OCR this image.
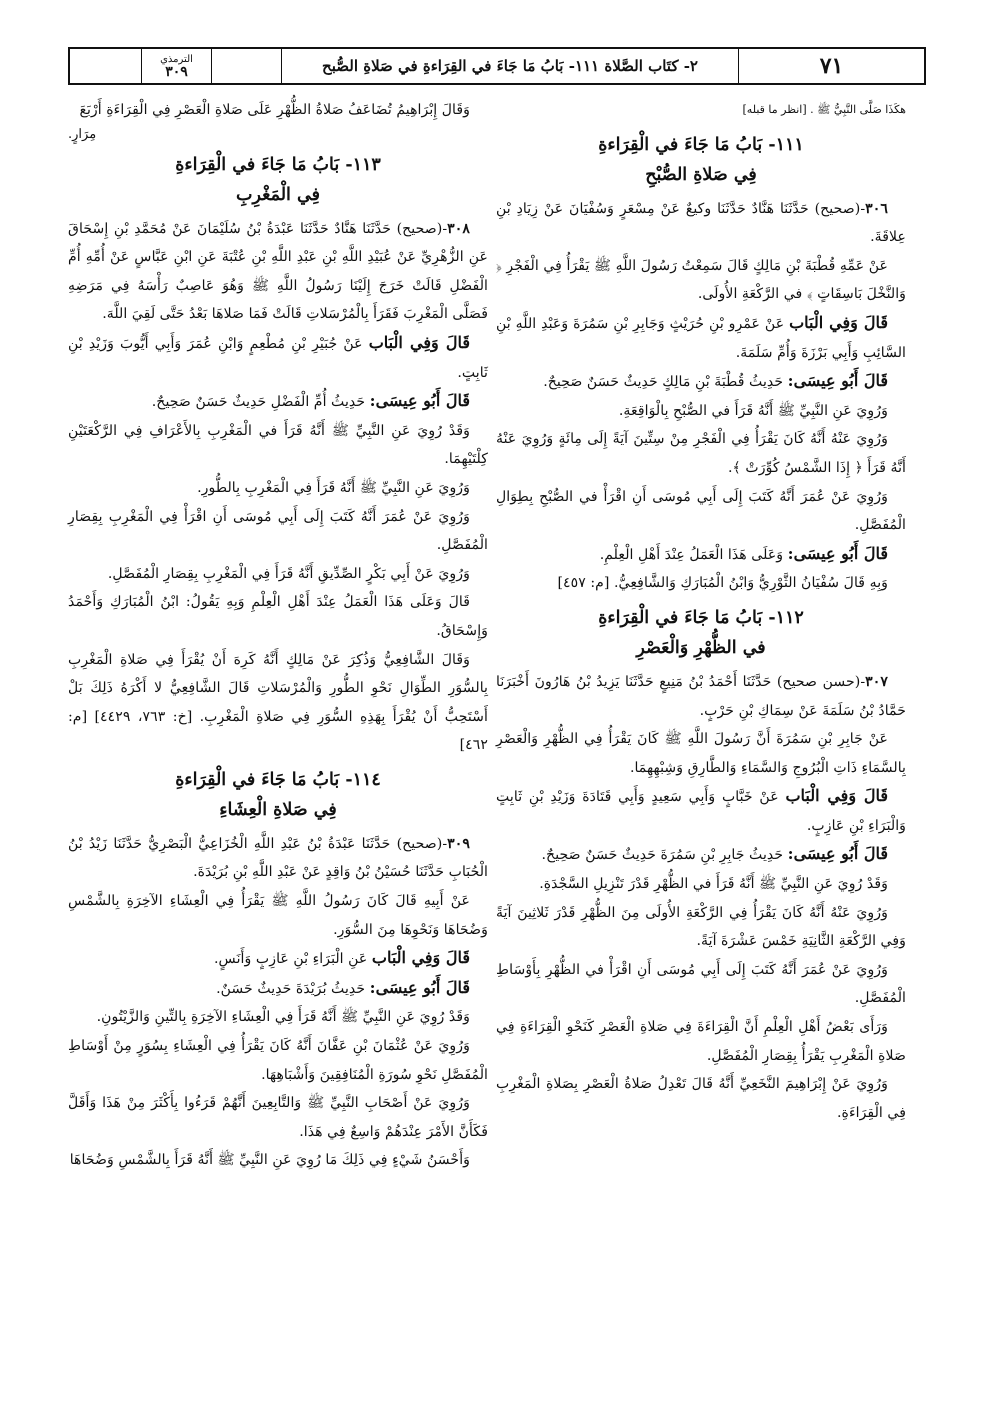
٧١
٢- كتَاب الصَّلاة ١١١- بَابُ مَا جَاءَ في القِرَاءةِ في صَلاةِ الصُّبح
الترمذي
٣٠٩

هكَذَا صَلَّى النَّبِيُّ ﷺ . [انظر ما قبله]

١١١- بَابُ مَا جَاءَ في الْقِرَاءةِ
فِي صَلاةِ الصُّبْحِ

٣٠٦-(صحيح) حَدَّثَنَا هَنَّادٌ حَدَّثَنَا وكيعٌ عَنْ مِسْعَرٍ وَسُفْيَانَ عَنْ زِيَادِ بْنِ عِلاقَةَ.

عَنْ عَمِّهِ قُطْبَةَ بْنِ مَالِكٍ قَالَ سَمِعْتُ رَسُولَ اللَّهِ ﷺ يَقْرَأُ فِي الْفَجْرِ ﴿ وَالنَّخْلَ بَاسِقَاتٍ ﴾ في الرَّكْعَةِ الأُولَى.

قَالَ وَفِي الْبَاب عَنْ عَمْرِو بْنِ حُرَيْثٍ وَجَابِرِ بْنِ سَمُرَةَ وَعَبْدِ اللَّهِ بْنِ السَّائِبِ وَأَبِي بَرْزَةَ وَأُمِّ سَلَمَةَ.

قَالَ أَبُو عِيسَى: حَدِيثُ قُطْبَةَ بْنِ مَالِكٍ حَدِيثٌ حَسَنٌ صَحِيحٌ.

وَرُوِيَ عَنِ النَّبِيِّ ﷺ أَنَّهُ قَرَأَ في الصُّبْحِ بِالْوَاقِعَةِ.

وَرُوِيَ عَنْهُ أَنَّهُ كَانَ يَقْرَأُ فِي الْفَجْرِ مِنْ سِتِّينَ آيَةً إِلَى مِائَةٍ وَرُوِيَ عَنْهُ أَنَّهُ قَرَأَ ﴿ إِذَا الشَّمْسُ كُوِّرَتْ ﴾.

وَرُوِيَ عَنْ عُمَرَ أَنَّهُ كَتَبَ إِلَى أَبِي مُوسَى أَنِ اقْرَأْ في الصُّبْحِ بِطِوَالِ الْمُفَصَّلِ.

قَالَ أَبُو عِيسَى: وَعَلَى هَذَا الْعَمَلُ عِنْدَ أَهْلِ الْعِلْمِ.

وَبِهِ قَالَ سُفْيَانُ الثَّوْرِيُّ وَابْنُ الْمُبَارَكِ وَالشَّافِعِيُّ. [م: ٤٥٧]

١١٢- بَابُ مَا جَاءَ في الْقِرَاءةِ
في الظُّهْرِ وَالْعَصْرِ

٣٠٧-(حسن صحيح) حَدَّثَنَا أَحْمَدُ بْنُ مَنِيعٍ حَدَّثَنَا يَزِيدُ بْنُ هَارُونَ أَخْبَرَنَا حَمَّادُ بْنُ سَلَمَةَ عَنْ سِمَاكِ بْنِ حَرْبٍ.

عَنْ جَابِرِ بْنِ سَمُرَةَ أَنَّ رَسُولَ اللَّهِ ﷺ كَانَ يَقْرَأُ فِي الظُّهْرِ وَالْعَصْرِ بِالسَّمَاءِ ذَاتِ الْبُرُوجِ وَالسَّمَاءِ وَالطَّارِقِ وَشِبْهِهِمَا.

قَالَ وَفِي الْبَاب عَنْ خَبَّابٍ وَأَبِي سَعِيدٍ وَأَبِي قَتَادَةَ وَزَيْدِ بْنِ ثَابِتٍ وَالْبَرَاءِ بْنِ عَازِبٍ.

قَالَ أَبُو عِيسَى: حَدِيثُ جَابِرِ بْنِ سَمُرَةَ حَدِيثٌ حَسَنٌ صَحِيحٌ.

وَقَدْ رُوِيَ عَنِ النَّبِيِّ ﷺ أَنَّهُ قَرَأَ في الظُّهْرِ قَدْرَ تَنْزِيلِ السَّجْدَةِ.

وَرُوِيَ عَنْهُ أَنَّهُ كَانَ يَقْرَأُ فِي الرَّكْعَةِ الأُولَى مِنَ الظُّهْرِ قَدْرَ ثَلاثِينَ آيَةً وَفِي الرَّكْعَةِ الثَّانِيَةِ خَمْسَ عَشْرَةَ آيَةً.

وَرُوِيَ عَنْ عُمَرَ أَنَّهُ كَتَبَ إِلَى أَبِي مُوسَى أَنِ اقْرَأْ في الظُّهْرِ بِأَوْسَاطِ الْمُفَصَّلِ.

وَرَأَى بَعْضُ أَهْلِ الْعِلْمِ أَنَّ الْقِرَاءَةَ فِي صَلاةِ الْعَصْرِ كَنَحْوِ الْقِرَاءَةِ فِي صَلاةِ الْمَغْرِبِ يَقْرَأُ بِقِصَارِ الْمُفَصَّلِ.

وَرُوِيَ عَنْ إِبْرَاهِيمَ النَّخَعِيِّ أَنَّهُ قَالَ تَعْدِلُ صَلاةُ الْعَصْرِ بِصَلاةِ الْمَغْرِبِ فِي الْقِرَاءَةِ.

وَقَالَ إِبْرَاهِيمُ تُضَاعَفُ صَلاةُ الظُّهْرِ عَلَى صَلاةِ الْعَصْرِ فِي الْقِرَاءَةِ أَرْبَعَ

مِرَارٍ.

١١٣- بَابُ مَا جَاءَ في الْقِرَاءةِ
فِي الْمَغْرِبِ

٣٠٨-(صحيح) حَدَّثَنَا هَنَّادٌ حَدَّثَنَا عَبْدَةُ بْنُ سُلَيْمَانَ عَنْ مُحَمَّدِ بْنِ إِسْحَاقَ عَنِ الزُّهْرِيِّ عَنْ عُبَيْدِ اللَّهِ بْنِ عَبْدِ اللَّهِ بْنِ عُتْبَةَ عَنِ ابْنِ عَبَّاسٍ عَنْ أُمِّهِ أُمِّ الْفَضْلِ قَالَتْ خَرَجَ إِلَيْنَا رَسُولُ اللَّهِ ﷺ وَهُوَ عَاصِبٌ رَأْسَهُ فِي مَرَضِهِ فَصَلَّى الْمَغْرِبَ فَقَرَأَ بِالْمُرْسَلاتِ قَالَتْ فَمَا صَلاهَا بَعْدُ حَتَّى لَقِيَ اللَّهَ.

قَالَ وَفِي الْبَاب عَنْ جُبَيْرِ بْنِ مُطْعِمٍ وَابْنِ عُمَرَ وَأَبِي أَيُّوبَ وَزَيْدِ بْنِ ثَابِتٍ.

قَالَ أَبُو عِيسَى: حَدِيثُ أُمِّ الْفَضْلِ حَدِيثٌ حَسَنٌ صَحِيحٌ.

وَقَدْ رُوِيَ عَنِ النَّبِيِّ ﷺ أَنَّهُ قَرَأَ في الْمَغْرِبِ بِالأَعْرَافِ فِي الرَّكْعَتَيْنِ كِلْتَيْهِمَا.

وَرُوِيَ عَنِ النَّبِيِّ ﷺ أَنَّهُ قَرَأَ فِي الْمَغْرِبِ بِالطُّورِ.

وَرُوِيَ عَنْ عُمَرَ أَنَّهُ كَتَبَ إِلَى أَبِي مُوسَى أَنِ اقْرَأْ فِي الْمَغْرِبِ بِقِصَارِ الْمُفَصَّلِ.

وَرُوِيَ عَنْ أَبِي بَكْرٍ الصِّدِّيقِ أَنَّهُ قَرَأَ فِي الْمَغْرِبِ بِقِصَارِ الْمُفَصَّلِ.

قَالَ وَعَلَى هَذَا الْعَمَلُ عِنْدَ أَهْلِ الْعِلْمِ وَبِهِ يَقُولُ: ابْنُ الْمُبَارَكِ وَأَحْمَدُ وَإِسْحَاقُ.

وَقَالَ الشَّافِعِيُّ وَذُكِرَ عَنْ مَالِكٍ أَنَّهُ كَرِهَ أَنْ يُقْرَأَ فِي صَلاةِ الْمَغْرِبِ بِالسُّوَرِ الطِّوَالِ نَحْوِ الطُّورِ وَالْمُرْسَلاتِ قَالَ الشَّافِعِيُّ لا أَكْرَهُ ذَلِكَ بَلْ أَسْتَحِبُّ أَنْ يُقْرَأَ بِهَذِهِ السُّوَرِ فِي صَلاةِ الْمَغْرِبِ. [خ: ٧٦٣، ٤٤٢٩] [م: ٤٦٢]

١١٤- بَابُ مَا جَاءَ في الْقِرَاءةِ
فِي صَلاةِ الْعِشَاءِ

٣٠٩-(صحيح) حَدَّثَنَا عَبْدَةُ بْنُ عَبْدِ اللَّهِ الْخُزَاعِيُّ الْبَصْرِيُّ حَدَّثَنَا زَيْدُ بْنُ الْحُبَابِ حَدَّثَنَا حُسَيْنُ بْنُ وَاقِدٍ عَنْ عَبْدِ اللَّهِ بْنِ بُرَيْدَةَ.

عَنْ أَبِيهِ قَالَ كَانَ رَسُولُ اللَّهِ ﷺ يَقْرَأُ فِي الْعِشَاءِ الآخِرَةِ بِالشَّمْسِ وَضُحَاهَا وَنَحْوِهَا مِنَ السُّوَرِ.

قَالَ وَفِي الْبَاب عَنِ الْبَرَاءِ بْنِ عَازِبٍ وَأَنَسٍ.

قَالَ أَبُو عِيسَى: حَدِيثُ بُرَيْدَةَ حَدِيثٌ حَسَنٌ.

وَقَدْ رُوِيَ عَنِ النَّبِيِّ ﷺ أَنَّهُ قَرَأَ فِي الْعِشَاءِ الآخِرَةِ بِالتِّينِ وَالزَّيْتُونِ.

وَرُوِيَ عَنْ عُثْمَانَ بْنِ عَفَّانَ أَنَّهُ كَانَ يَقْرَأُ فِي الْعِشَاءِ بِسُوَرٍ مِنْ أَوْسَاطِ الْمُفَصَّلِ نَحْوِ سُورَةِ الْمُنَافِقِينَ وَأَشْبَاهِهَا.

وَرُوِيَ عَنْ أَصْحَابِ النَّبِيِّ ﷺ وَالتَّابِعِينَ أَنَّهُمْ قَرَءُوا بِأَكْثَرَ مِنْ هَذَا وَأَقَلَّ فَكَأَنَّ الأَمْرَ عِنْدَهُمْ وَاسِعٌ فِي هَذَا.

وَأَحْسَنُ شَيْءٍ فِي ذَلِكَ مَا رُوِيَ عَنِ النَّبِيِّ ﷺ أَنَّهُ قَرَأَ بِالشَّمْسِ وَضُحَاهَا
